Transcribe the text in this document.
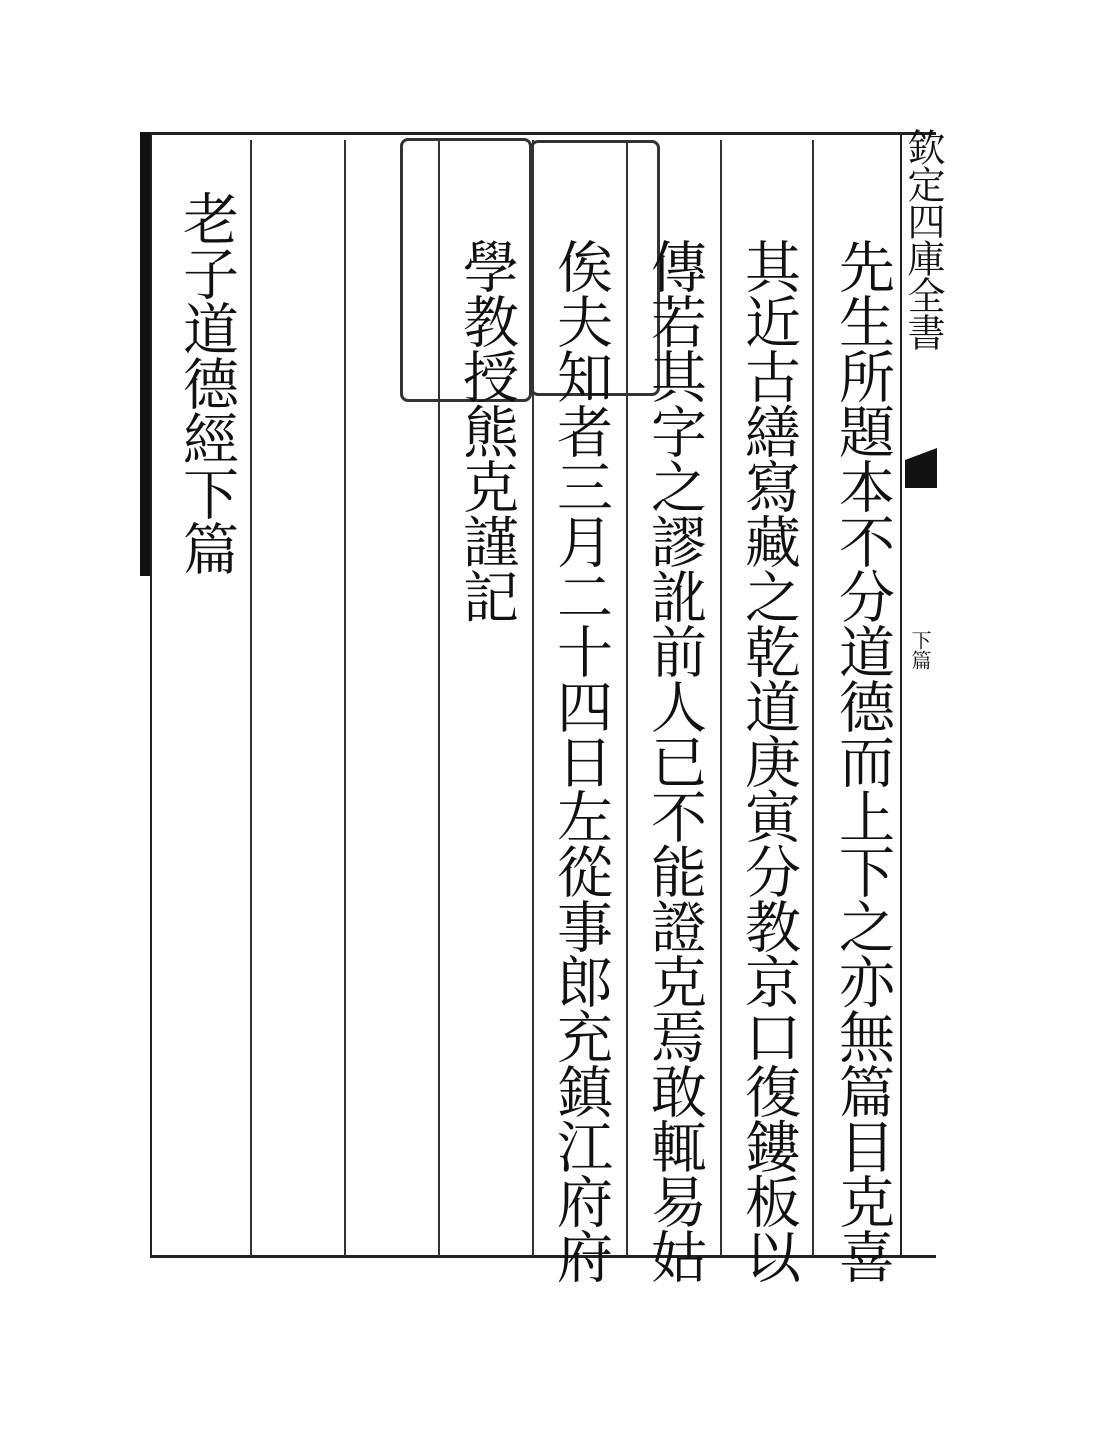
欽定四庫全書
下篇
先生所題本不分道德而上下之亦無篇目克喜
其近古繕寫藏之乾道庚寅分教京口復鏤板以
傳若其字之謬訛前人已不能證克焉敢輒易姑
俟夫知者三月二十四日左從事郎充鎮江府府
學教授熊克謹記
老子道德經下篇
